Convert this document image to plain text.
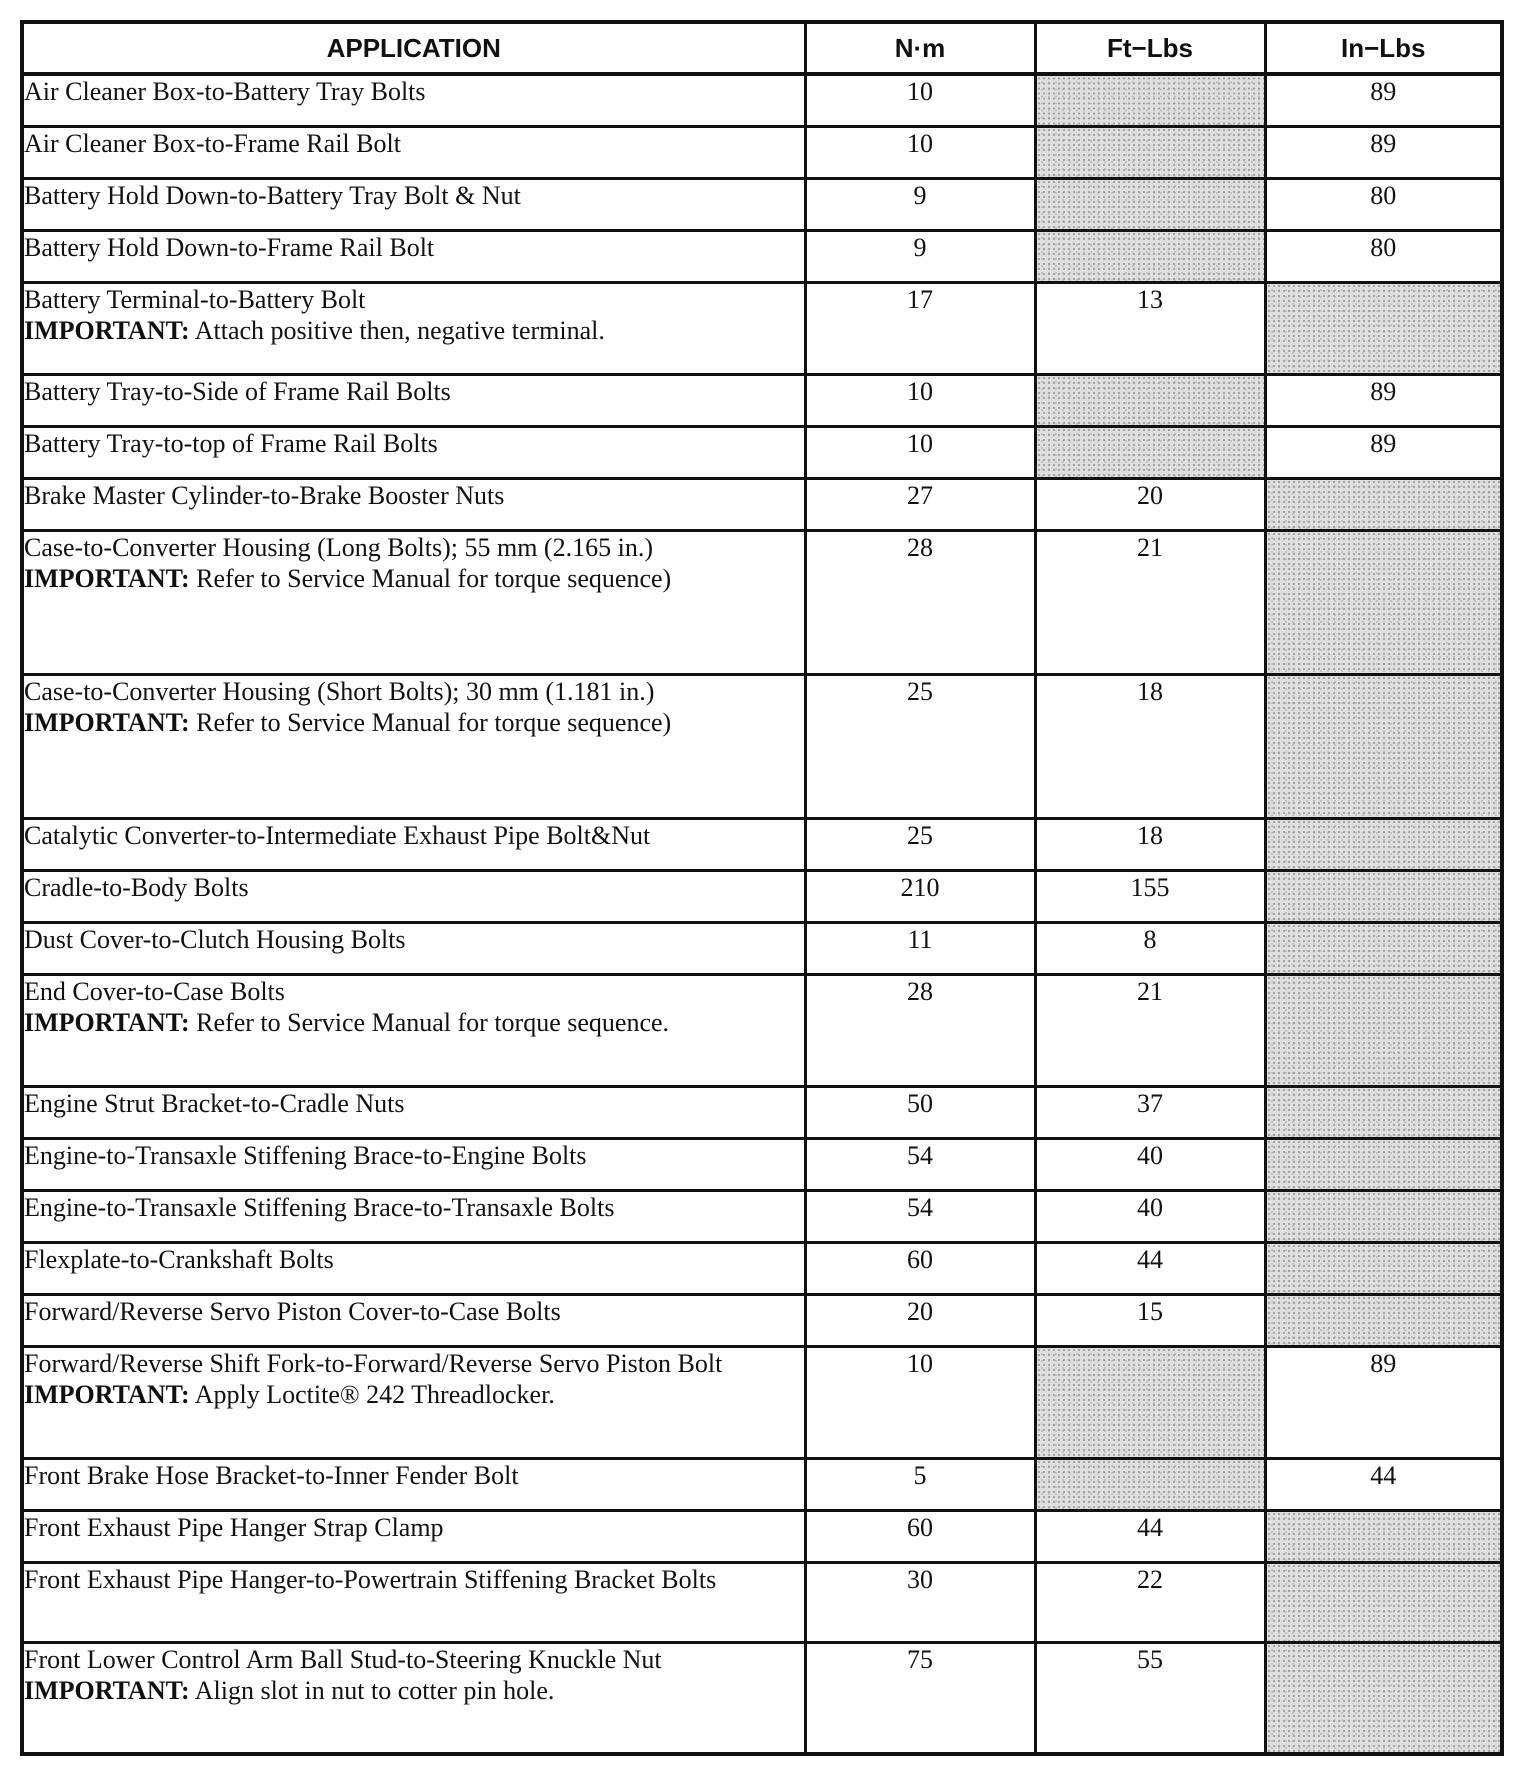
APPLICATION	N·m	Ft−Lbs	In−Lbs
Air Cleaner Box-to-Battery Tray Bolts	10		89
Air Cleaner Box-to-Frame Rail Bolt	10		89
Battery Hold Down-to-Battery Tray Bolt & Nut	9		80
Battery Hold Down-to-Frame Rail Bolt	9		80
Battery Terminal-to-Battery Bolt
IMPORTANT: Attach positive then, negative terminal.	17	13	
Battery Tray-to-Side of Frame Rail Bolts	10		89
Battery Tray-to-top of Frame Rail Bolts	10		89
Brake Master Cylinder-to-Brake Booster Nuts	27	20	
Case-to-Converter Housing (Long Bolts); 55 mm (2.165 in.)
IMPORTANT: Refer to Service Manual for torque sequence)	28	21	
Case-to-Converter Housing (Short Bolts); 30 mm (1.181 in.)
IMPORTANT: Refer to Service Manual for torque sequence)	25	18	
Catalytic Converter-to-Intermediate Exhaust Pipe Bolt&Nut	25	18	
Cradle-to-Body Bolts	210	155	
Dust Cover-to-Clutch Housing Bolts	11	8	
End Cover-to-Case Bolts
IMPORTANT: Refer to Service Manual for torque sequence.	28	21	
Engine Strut Bracket-to-Cradle Nuts	50	37	
Engine-to-Transaxle Stiffening Brace-to-Engine Bolts	54	40	
Engine-to-Transaxle Stiffening Brace-to-Transaxle Bolts	54	40	
Flexplate-to-Crankshaft Bolts	60	44	
Forward/Reverse Servo Piston Cover-to-Case Bolts	20	15	
Forward/Reverse Shift Fork-to-Forward/Reverse Servo Piston Bolt
IMPORTANT: Apply Loctite® 242 Threadlocker.	10		89
Front Brake Hose Bracket-to-Inner Fender Bolt	5		44
Front Exhaust Pipe Hanger Strap Clamp	60	44	
Front Exhaust Pipe Hanger-to-Powertrain Stiffening Bracket Bolts	30	22	
Front Lower Control Arm Ball Stud-to-Steering Knuckle Nut
IMPORTANT: Align slot in nut to cotter pin hole.	75	55	
